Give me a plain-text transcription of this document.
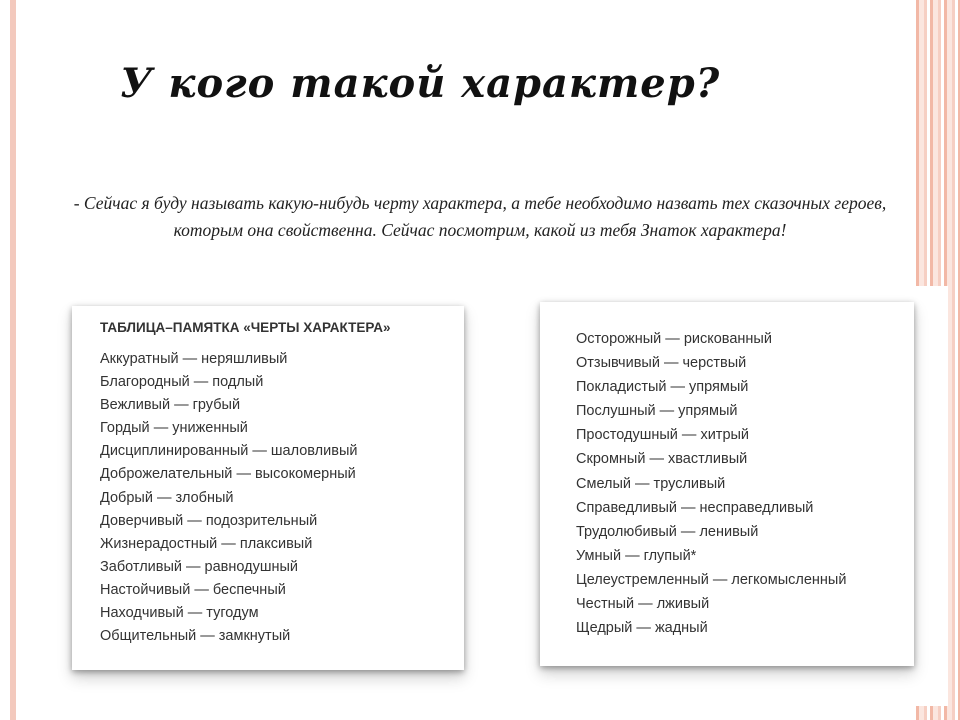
У кого такой характер?
- Сейчас я буду называть какую-нибудь черту характера, а тебе необходимо назвать тех сказочных героев, которым она свойственна. Сейчас посмотрим, какой из тебя Знаток характера!
ТАБЛИЦА–ПАМЯТКА «ЧЕРТЫ ХАРАКТЕРА»
Аккуратный — неряшливый
Благородный — подлый
Вежливый — грубый
Гордый — униженный
Дисциплинированный — шаловливый
Доброжелательный — высокомерный
Добрый — злобный
Доверчивый — подозрительный
Жизнерадостный — плаксивый
Заботливый — равнодушный
Настойчивый — беспечный
Находчивый — тугодум
Общительный — замкнутый
Осторожный — рискованный
Отзывчивый — черствый
Покладистый — упрямый
Послушный — упрямый
Простодушный — хитрый
Скромный — хвастливый
Смелый — трусливый
Справедливый — несправедливый
Трудолюбивый — ленивый
Умный — глупый*
Целеустремленный — легкомысленный
Честный — лживый
Щедрый — жадный
